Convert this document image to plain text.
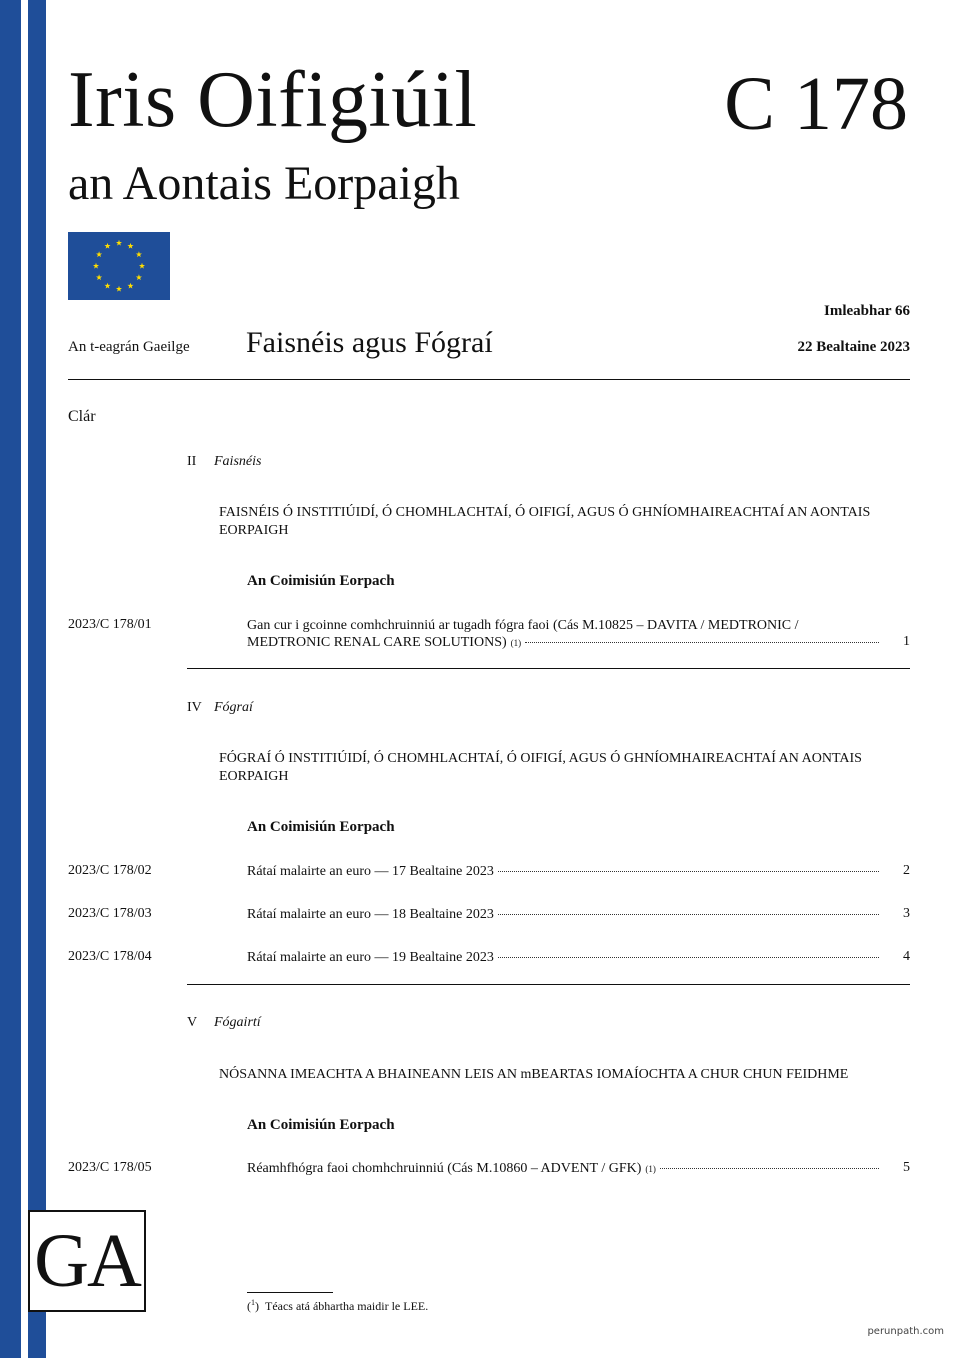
Iris Oifigiúil
an Aontais Eorpaigh
C 178
An t-eagrán Gaeilge Faisnéis agus Fógraí
Imleabhar 66
22 Bealtaine 2023
Clár
II Faisnéis
FAISNÉIS Ó INSTITIÚIDÍ, Ó CHOMHLACHTAÍ, Ó OIFIGÍ, AGUS Ó GHNÍOMHAIREACHTAÍ AN AONTAIS EORPAIGH
An Coimisiún Eorpach
2023/C 178/01	Gan cur i gcoinne comhchruinniú ar tugadh fógra faoi (Cás M.10825 – DAVITA / MEDTRONIC /
MEDTRONIC RENAL CARE SOLUTIONS) (1)	1
IV Fógraí
FÓGRAÍ Ó INSTITIÚIDÍ, Ó CHOMHLACHTAÍ, Ó OIFIGÍ, AGUS Ó GHNÍOMHAIREACHTAÍ AN AONTAIS EORPAIGH
An Coimisiún Eorpach
2023/C 178/02	Rátaí malairte an euro — 17 Bealtaine 2023	2
2023/C 178/03	Rátaí malairte an euro — 18 Bealtaine 2023	3
2023/C 178/04	Rátaí malairte an euro — 19 Bealtaine 2023	4
V Fógairtí
NÓSANNA IMEACHTA A BHAINEANN LEIS AN mBEARTAS IOMAÍOCHTA A CHUR CHUN FEIDHME
An Coimisiún Eorpach
2023/C 178/05	Réamhfhógra faoi chomhchruinniú (Cás M.10860 – ADVENT / GFK) (1)	5
GA
($^1$) Téacs atá ábhartha maidir le LEE.
perunpath.com
